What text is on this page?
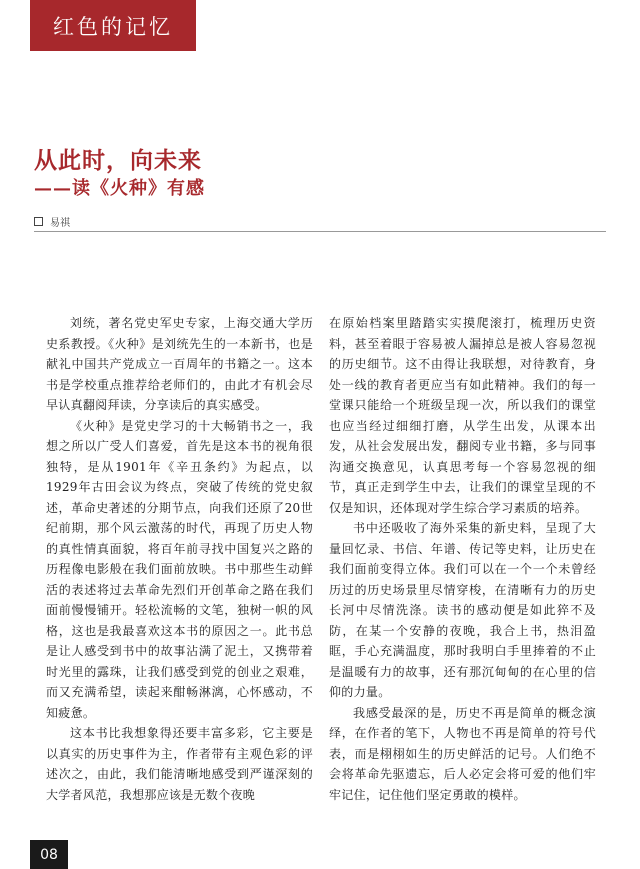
红色的记忆
从此时，向未来
——读《火种》有感
易祺

刘统，著名党史军史专家，上海交通大学历史系教授。《火种》是刘统先生的一本新书，也是献礼中国共产党成立一百周年的书籍之一。这本书是学校重点推荐给老师们的，由此才有机会尽早认真翻阅拜读，分享读后的真实感受。

《火种》是党史学习的十大畅销书之一，我想之所以广受人们喜爱，首先是这本书的视角很独特，是从1901年《辛丑条约》为起点，以1929年古田会议为终点，突破了传统的党史叙述，革命史著述的分期节点，向我们还原了20世纪前期，那个风云激荡的时代，再现了历史人物的真性情真面貌，将百年前寻找中国复兴之路的历程像电影般在我们面前放映。书中那些生动鲜活的表述将过去革命先烈们开创革命之路在我们面前慢慢铺开。轻松流畅的文笔，独树一帜的风格，这也是我最喜欢这本书的原因之一。此书总是让人感受到书中的故事沾满了泥土，又携带着时光里的露珠，让我们感受到党的创业之艰难，而又充满希望，读起来酣畅淋漓，心怀感动，不知疲惫。

这本书比我想象得还要丰富多彩，它主要是以真实的历史事件为主，作者带有主观色彩的评述次之，由此，我们能清晰地感受到严谨深刻的大学者风范，我想那应该是无数个夜晚

在原始档案里踏踏实实摸爬滚打，梳理历史资料，甚至着眼于容易被人漏掉总是被人容易忽视的历史细节。这不由得让我联想，对待教育，身处一线的教育者更应当有如此精神。我们的每一堂课只能给一个班级呈现一次，所以我们的课堂也应当经过细细打磨，从学生出发，从课本出发，从社会发展出发，翻阅专业书籍，多与同事沟通交换意见，认真思考每一个容易忽视的细节，真正走到学生中去，让我们的课堂呈现的不仅是知识，还体现对学生综合学习素质的培养。

书中还吸收了海外采集的新史料，呈现了大量回忆录、书信、年谱、传记等史料，让历史在我们面前变得立体。我们可以在一个一个未曾经历过的历史场景里尽情穿梭，在清晰有力的历史长河中尽情洗涤。读书的感动便是如此猝不及防，在某一个安静的夜晚，我合上书，热泪盈眶，手心充满温度，那时我明白手里捧着的不止是温暖有力的故事，还有那沉甸甸的在心里的信仰的力量。

我感受最深的是，历史不再是简单的概念演绎，在作者的笔下，人物也不再是简单的符号代表，而是栩栩如生的历史鲜活的记号。人们绝不会将革命先驱遗忘，后人必定会将可爱的他们牢牢记住，记住他们坚定勇敢的模样。

08
